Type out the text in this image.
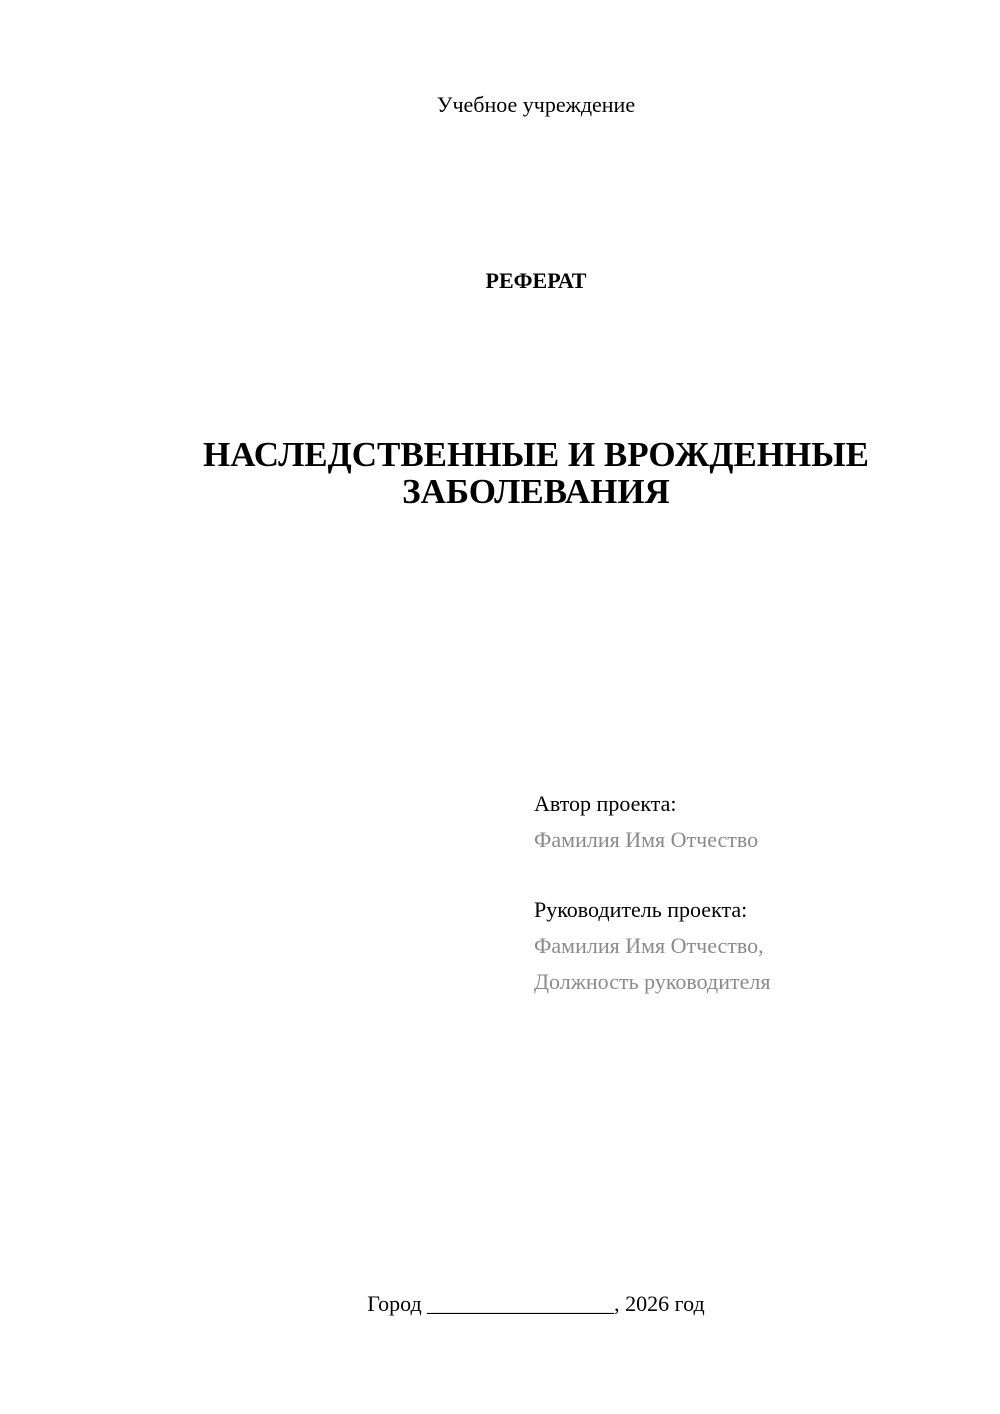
Учебное учреждение
РЕФЕРАТ
НАСЛЕДСТВЕННЫЕ И ВРОЖДЕННЫЕ
ЗАБОЛЕВАНИЯ
Автор проекта:
Фамилия Имя Отчество
Руководитель проекта:
Фамилия Имя Отчество,
Должность руководителя
Город _________________, 2026 год
